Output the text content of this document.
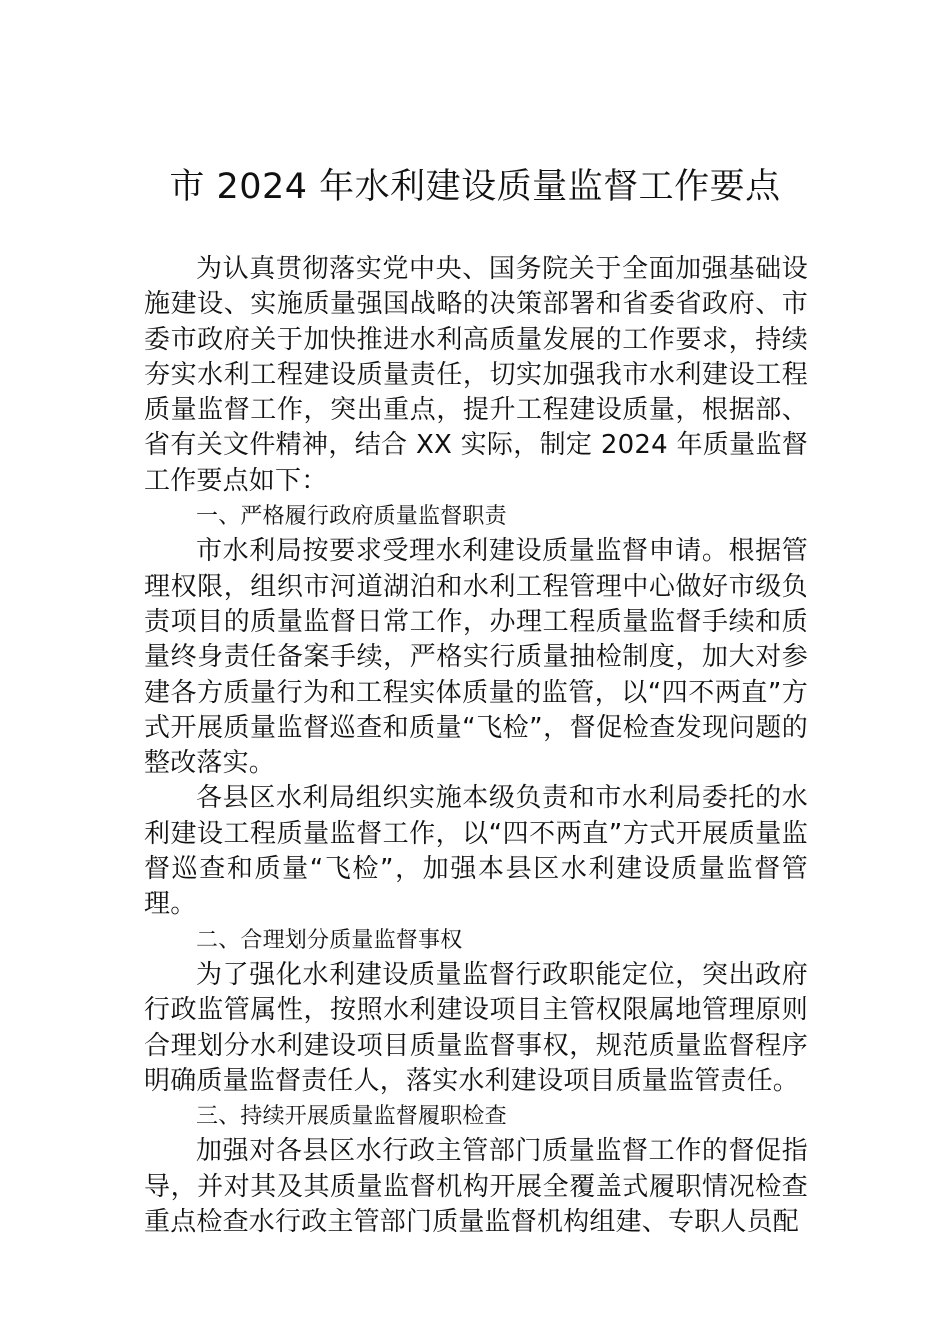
市 2024 年水利建设质量监督工作要点

为认真贯彻落实党中央、国务院关于全面加强基础设施建设、实施质量强国战略的决策部署和省委省政府、市委市政府关于加快推进水利高质量发展的工作要求，持续夯实水利工程建设质量责任，切实加强我市水利建设工程质量监督工作，突出重点，提升工程建设质量，根据部、省有关文件精神，结合 XX 实际，制定 2024 年质量监督工作要点如下：

一、严格履行政府质量监督职责

市水利局按要求受理水利建设质量监督申请。根据管理权限，组织市河道湖泊和水利工程管理中心做好市级负责项目的质量监督日常工作，办理工程质量监督手续和质量终身责任备案手续，严格实行质量抽检制度，加大对参建各方质量行为和工程实体质量的监管，以“四不两直”方式开展质量监督巡查和质量“飞检”，督促检查发现问题的整改落实。

各县区水利局组织实施本级负责和市水利局委托的水利建设工程质量监督工作，以“四不两直”方式开展质量监督巡查和质量“飞检”，加强本县区水利建设质量监督管理。

二、合理划分质量监督事权

为了强化水利建设质量监督行政职能定位，突出政府行政监管属性，按照水利建设项目主管权限属地管理原则合理划分水利建设项目质量监督事权，规范质量监督程序明确质量监督责任人，落实水利建设项目质量监管责任。

三、持续开展质量监督履职检查

加强对各县区水行政主管部门质量监督工作的督促指导，并对其及其质量监督机构开展全覆盖式履职情况检查重点检查水行政主管部门质量监督机构组建、专职人员配
